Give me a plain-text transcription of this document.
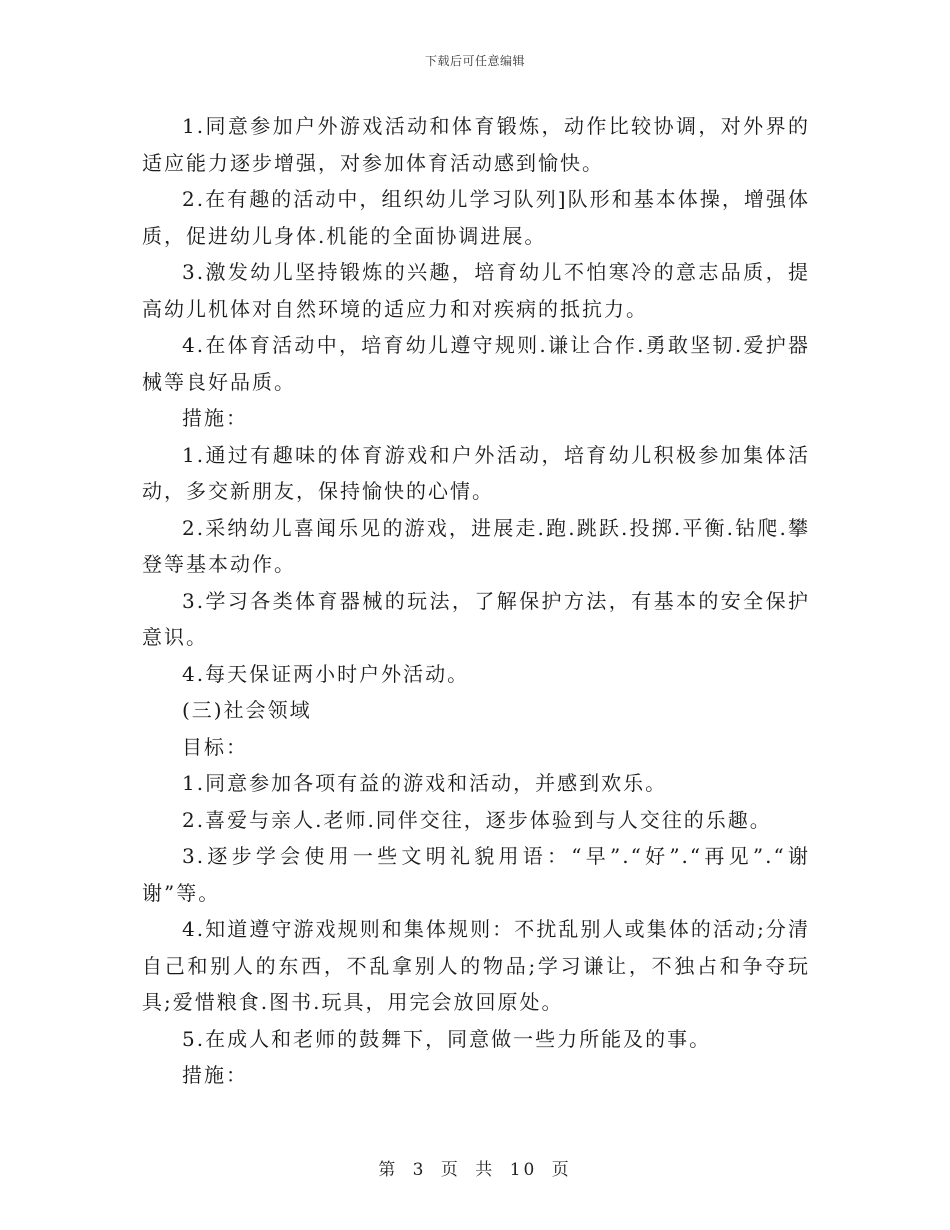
下载后可任意编辑

1.同意参加户外游戏活动和体育锻炼，动作比较协调，对外界的适应能力逐步增强，对参加体育活动感到愉快。

2.在有趣的活动中，组织幼儿学习队列]队形和基本体操，增强体质，促进幼儿身体.机能的全面协调进展。

3.激发幼儿坚持锻炼的兴趣，培育幼儿不怕寒冷的意志品质，提高幼儿机体对自然环境的适应力和对疾病的抵抗力。

4.在体育活动中，培育幼儿遵守规则.谦让合作.勇敢坚韧.爱护器械等良好品质。

措施：

1.通过有趣味的体育游戏和户外活动，培育幼儿积极参加集体活动，多交新朋友，保持愉快的心情。

2.采纳幼儿喜闻乐见的游戏，进展走.跑.跳跃.投掷.平衡.钻爬.攀登等基本动作。

3.学习各类体育器械的玩法，了解保护方法，有基本的安全保护意识。

4.每天保证两小时户外活动。

(三)社会领域

目标：

1.同意参加各项有益的游戏和活动，并感到欢乐。

2.喜爱与亲人.老师.同伴交往，逐步体验到与人交往的乐趣。

3.逐步学会使用一些文明礼貌用语：“早”.“好”.“再见”.“谢谢”等。

4.知道遵守游戏规则和集体规则：不扰乱别人或集体的活动;分清自己和别人的东西，不乱拿别人的物品;学习谦让，不独占和争夺玩具;爱惜粮食.图书.玩具，用完会放回原处。

5.在成人和老师的鼓舞下，同意做一些力所能及的事。

措施：

第 3 页 共 10 页
